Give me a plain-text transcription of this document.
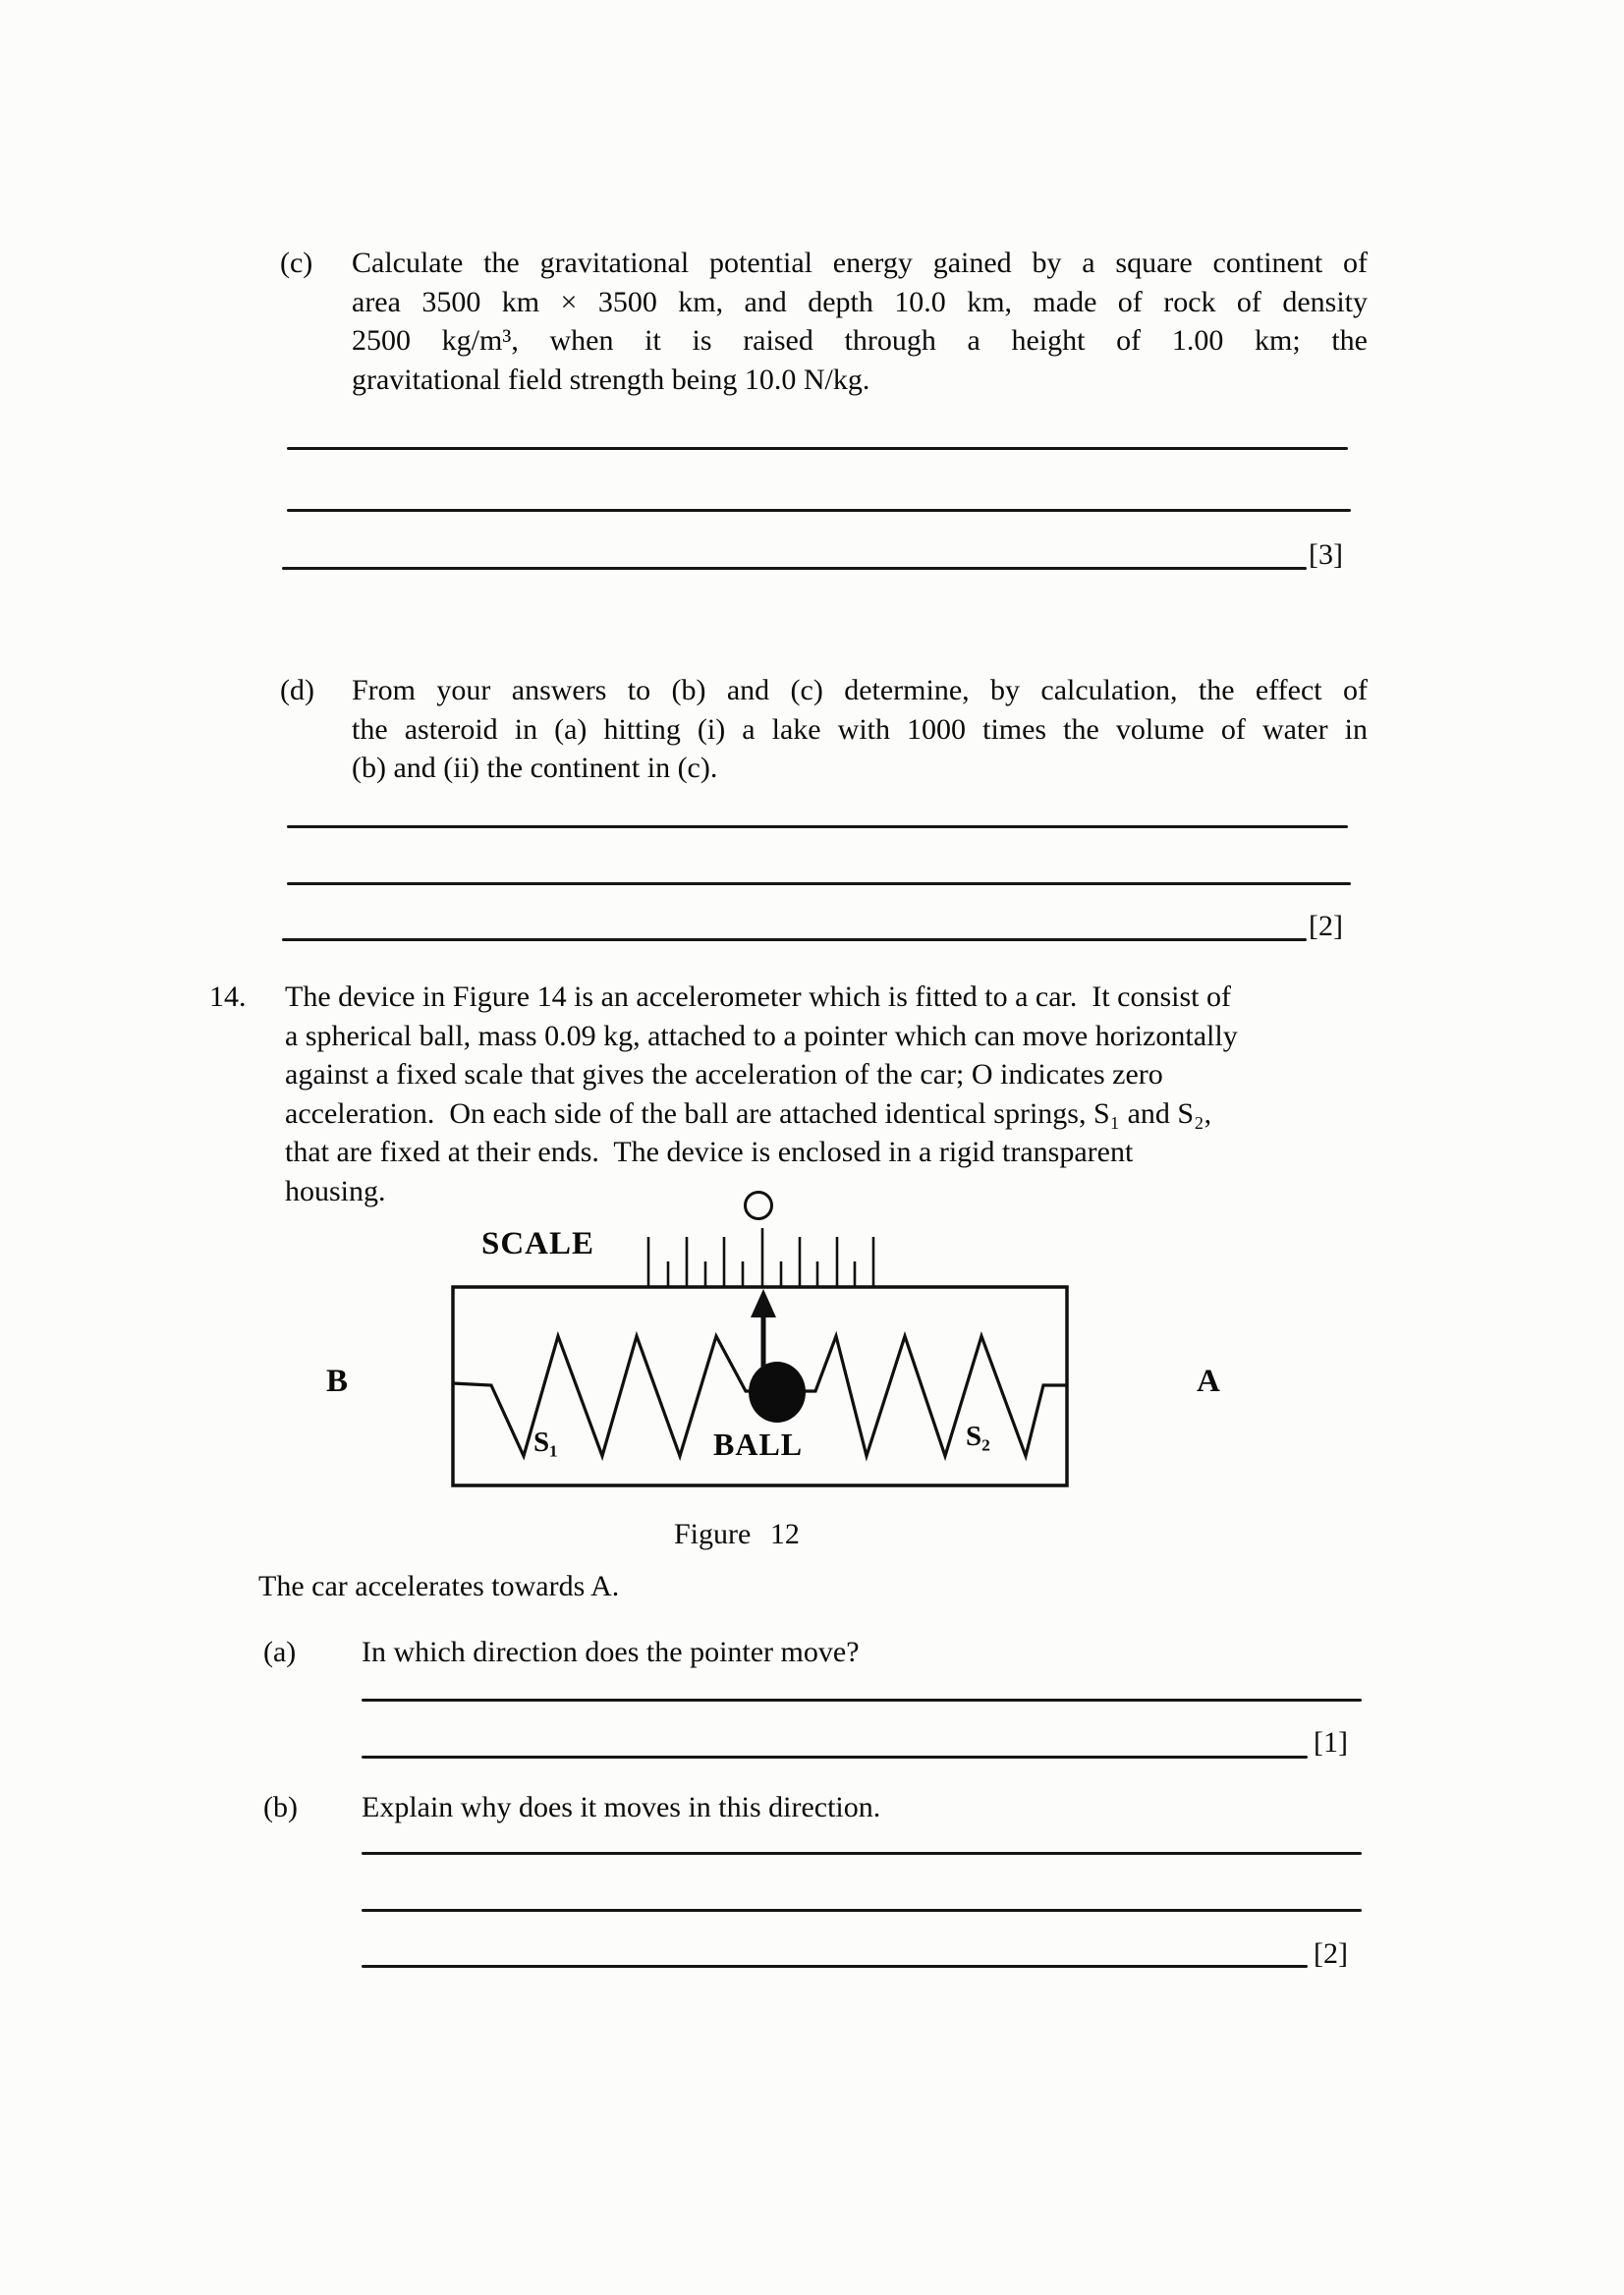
(c) Calculate the gravitational potential energy gained by a square continent of
area 3500 km × 3500 km, and depth 10.0 km, made of rock of density
2500 kg/m³, when it is raised through a height of 1.00 km; the
gravitational field strength being 10.0 N/kg.
[3]
(d) From your answers to (b) and (c) determine, by calculation, the effect of
the asteroid in (a) hitting (i) a lake with 1000 times the volume of water in
(b) and (ii) the continent in (c).
[2]
14. The device in Figure 14 is an accelerometer which is fitted to a car.  It consist of
a spherical ball, mass 0.09 kg, attached to a pointer which can move horizontally
against a fixed scale that gives the acceleration of the car; O indicates zero
acceleration.  On each side of the ball are attached identical springs, S₁ and S₂,
that are fixed at their ends.  The device is enclosed in a rigid transparent
housing.
SCALE
B	A
S₁	BALL	S₂
Figure 12
The car accelerates towards A.
(a) In which direction does the pointer move?
[1]
(b) Explain why does it moves in this direction.
[2]
